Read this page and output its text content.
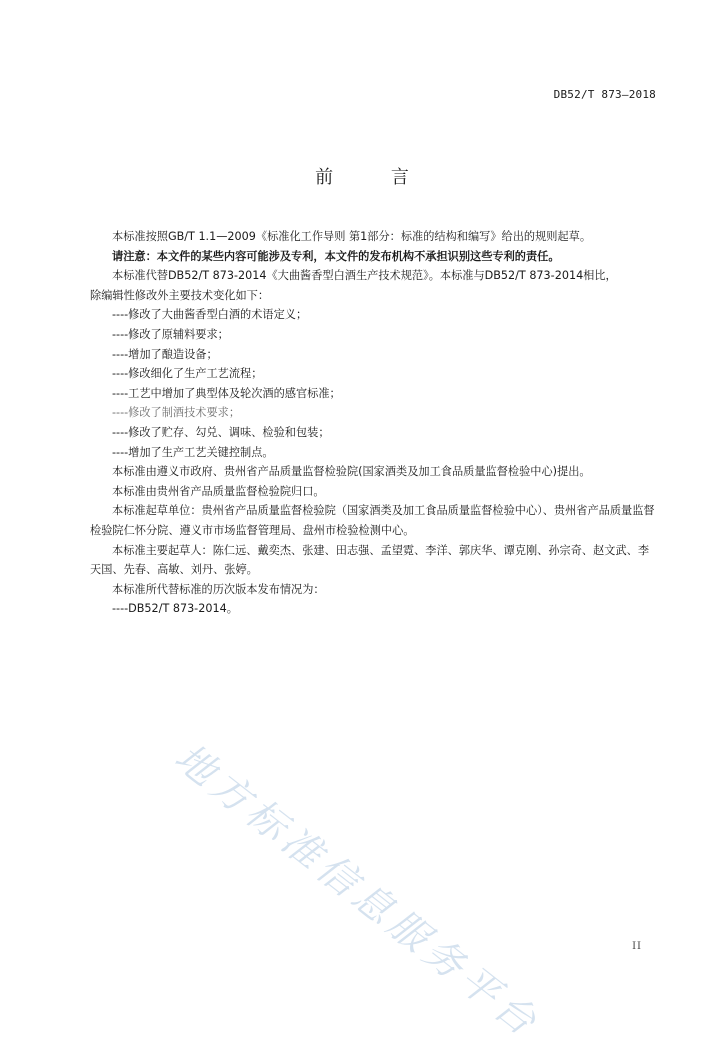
DB52/T 873—2018
前 言

本标准按照GB/T 1.1—2009《标准化工作导则 第1部分：标准的结构和编写》给出的规则起草。

请注意：本文件的某些内容可能涉及专利，本文件的发布机构不承担识别这些专利的责任。

本标准代替DB52/T 873-2014《大曲酱香型白酒生产技术规范》。本标准与DB52/T 873-2014相比，

除编辑性修改外主要技术变化如下：

----修改了大曲酱香型白酒的术语定义；

----修改了原辅料要求；

----增加了酿造设备；

----修改细化了生产工艺流程；

----工艺中增加了典型体及轮次酒的感官标准；

----修改了制酒技术要求；

----修改了贮存、勾兑、调味、检验和包装；

----增加了生产工艺关键控制点。

本标准由遵义市政府、贵州省产品质量监督检验院(国家酒类及加工食品质量监督检验中心)提出。

本标准由贵州省产品质量监督检验院归口。

本标准起草单位：贵州省产品质量监督检验院（国家酒类及加工食品质量监督检验中心）、贵州省产品质量监督检验院仁怀分院、遵义市市场监督管理局、盘州市检验检测中心。

本标准主要起草人：陈仁远、戴奕杰、张建、田志强、孟望霓、李洋、郭庆华、谭克刚、孙宗奇、赵文武、李天国、先春、高敏、刘丹、张婷。

本标准所代替标准的历次版本发布情况为：

----DB52/T 873-2014。

地方标准信息服务平台	II
